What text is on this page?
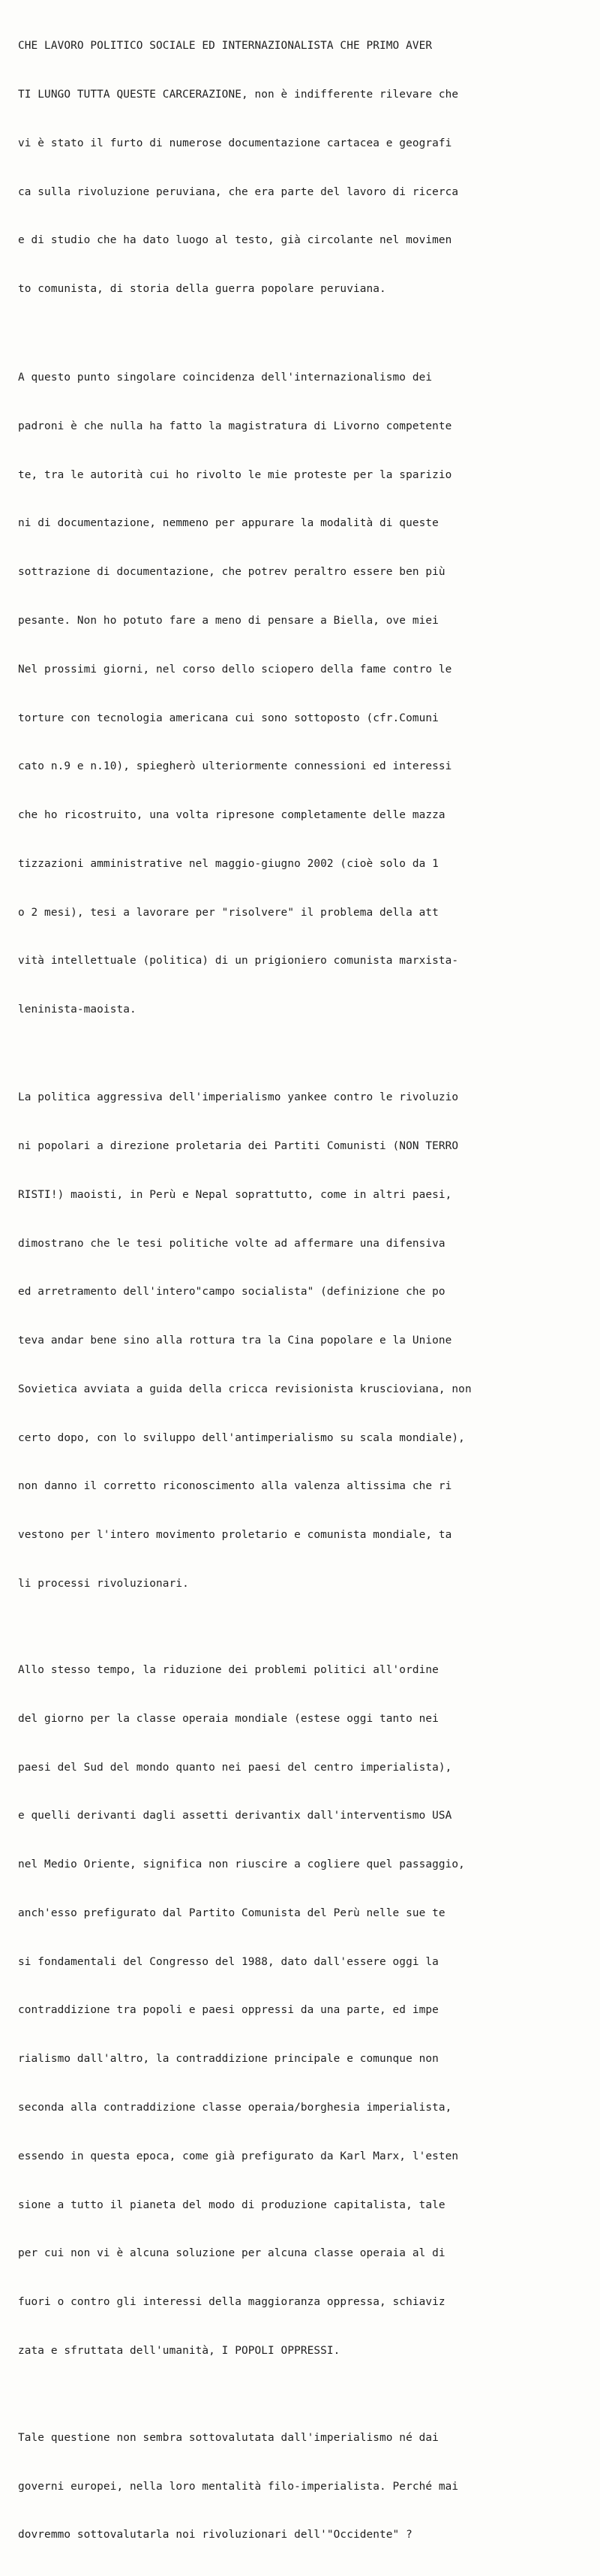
CHE LAVORO POLITICO SOCIALE ED INTERNAZIONALISTA CHE PRIMO AVER

TI LUNGO TUTTA QUESTE CARCERAZIONE, non è indifferente rilevare che

vi è stato il furto di numerose documentazione cartacea e geografi

ca sulla rivoluzione peruviana, che era parte del lavoro di ricerca

e di studio che ha dato luogo al testo, già circolante nel movimen

to comunista, di storia della guerra popolare peruviana.

A questo punto singolare coincidenza dell'internazionalismo dei

padroni è che nulla ha fatto la magistratura di Livorno competente

te, tra le autorità cui ho rivolto le mie proteste per la sparizio

ni di documentazione, nemmeno per appurare la modalità di queste

sottrazione di documentazione, che potrev peraltro essere ben più

pesante. Non ho potuto fare a meno di pensare a Biella, ove miei

Nel prossimi giorni, nel corso dello sciopero della fame contro le

torture con tecnologia americana cui sono sottoposto (cfr.Comuni

cato n.9 e n.10), spiegherò ulteriormente connessioni ed interessi

che ho ricostruito, una volta ripresone completamente delle mazza

tizzazioni amministrative nel maggio-giugno 2002 (cioè solo da 1

o 2 mesi), tesi a lavorare per "risolvere" il problema della att

vità intellettuale (politica) di un prigioniero comunista marxista-

leninista-maoista.

La politica aggressiva dell'imperialismo yankee contro le rivoluzio

ni popolari a direzione proletaria dei Partiti Comunisti (NON TERRO

RISTI!) maoisti, in Perù e Nepal soprattutto, come in altri paesi,

dimostrano che le tesi politiche volte ad affermare una difensiva

ed arretramento dell'intero"campo socialista" (definizione che po

teva andar bene sino alla rottura tra la Cina popolare e la Unione

Sovietica avviata a guida della cricca revisionista kruscioviana, non

certo dopo, con lo sviluppo dell'antimperialismo su scala mondiale),

non danno il corretto riconoscimento alla valenza altissima che ri

vestono per l'intero movimento proletario e comunista mondiale, ta

li processi rivoluzionari.

Allo stesso tempo, la riduzione dei problemi politici all'ordine

del giorno per la classe operaia mondiale (estese oggi tanto nei

paesi del Sud del mondo quanto nei paesi del centro imperialista),

e quelli derivanti dagli assetti derivantix dall'interventismo USA

nel Medio Oriente, significa non riuscire a cogliere quel passaggio,

anch'esso prefigurato dal Partito Comunista del Perù nelle sue te

si fondamentali del Congresso del 1988, dato dall'essere oggi la

contraddizione tra popoli e paesi oppressi da una parte, ed impe

rialismo dall'altro, la contraddizione principale e comunque non

seconda alla contraddizione classe operaia/borghesia imperialista,

essendo in questa epoca, come già prefigurato da Karl Marx, l'esten

sione a tutto il pianeta del modo di produzione capitalista, tale

per cui non vi è alcuna soluzione per alcuna classe operaia al di

fuori o contro gli interessi della maggioranza oppressa, schiaviz

zata e sfruttata dell'umanità, I POPOLI OPPRESSI.

Tale questione non sembra sottovalutata dall'imperialismo né dai

governi europei, nella loro mentalità filo-imperialista. Perché mai

dovremmo sottovalutarla noi rivoluzionari dell'"Occidente" ?
